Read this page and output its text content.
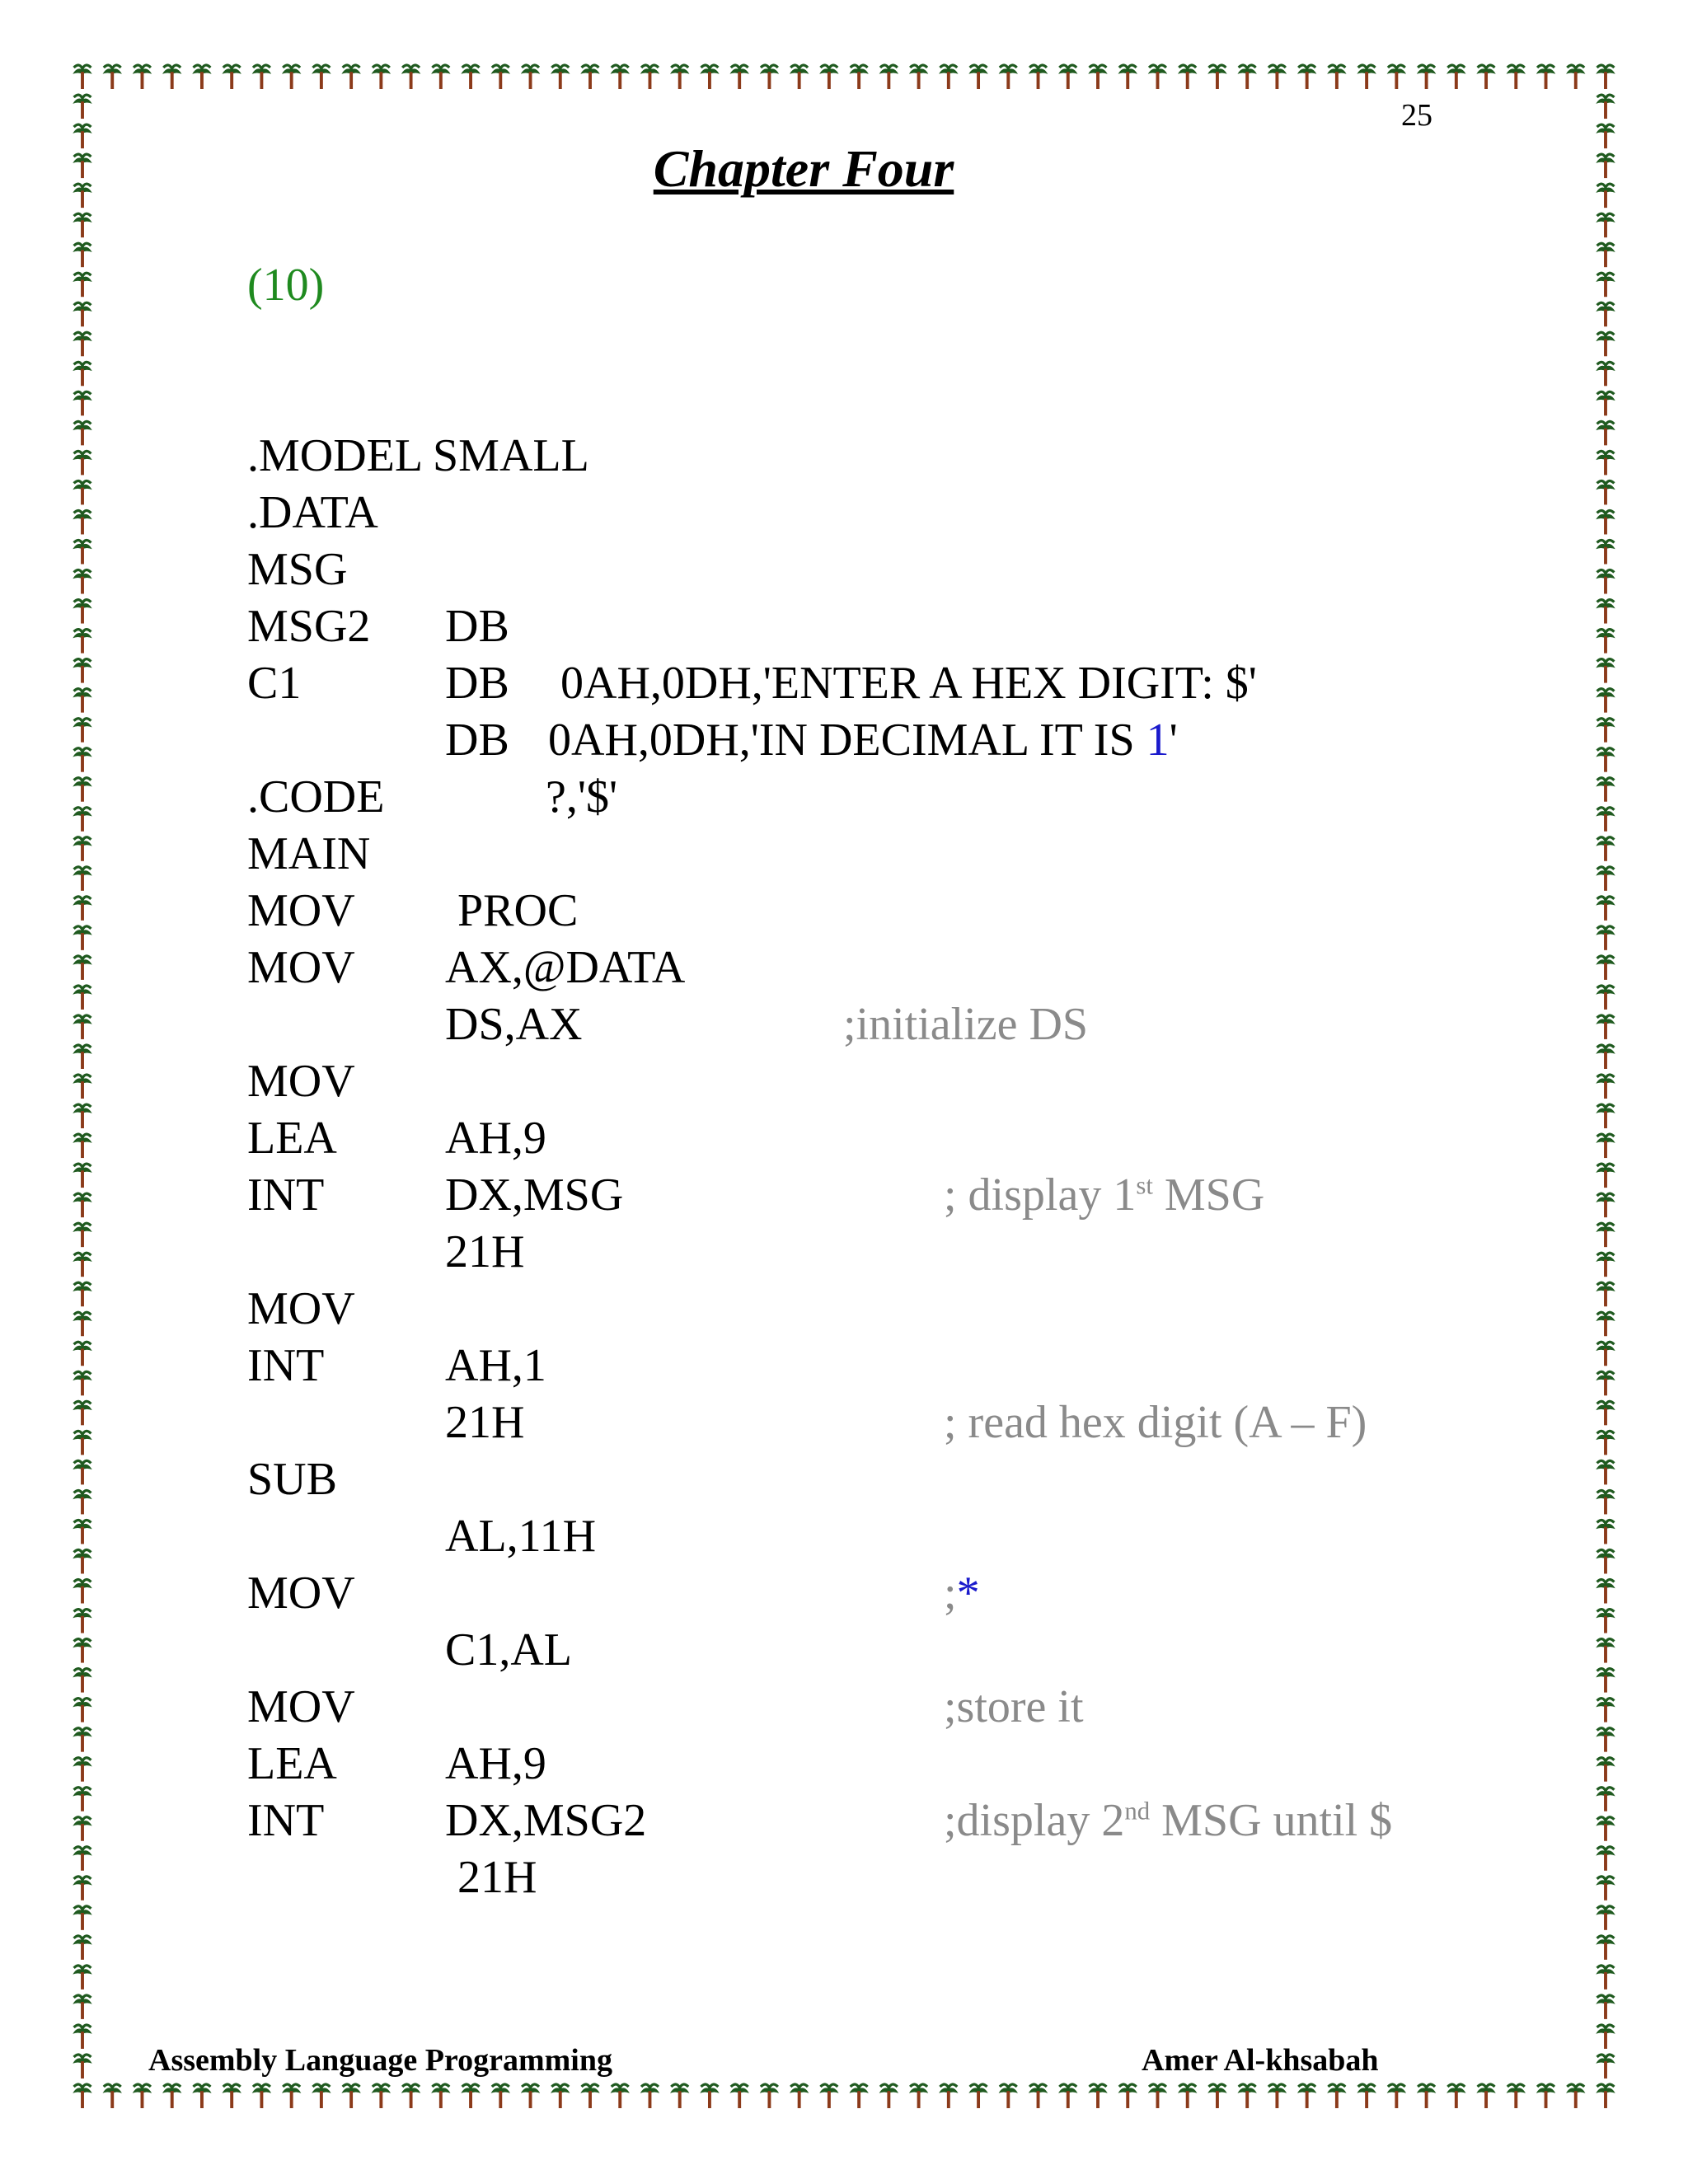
25
Chapter Four
(10)

.MODEL SMALL

.DATA

MSG

DB

0AH,0DH,'ENTER A HEX DIGIT: $'

MSG2

DB

0AH,0DH,'IN DECIMAL IT IS 1'

C1

DB

?,'$'

.CODE

MAIN

PROC

MOV

AX,@DATA

;initialize DS

MOV

DS,AX

MOV

AH,9

; display 1st MSG

LEA

DX,MSG

INT

21H

MOV

AH,1

; read hex digit (A – F)

INT

21H

SUB

AL,11H

;*

MOV

C1,AL

;store it

MOV

AH,9

;display 2nd MSG until $

LEA

DX,MSG2

INT

21H

Assembly Language Programming	Amer Al-khsabah
